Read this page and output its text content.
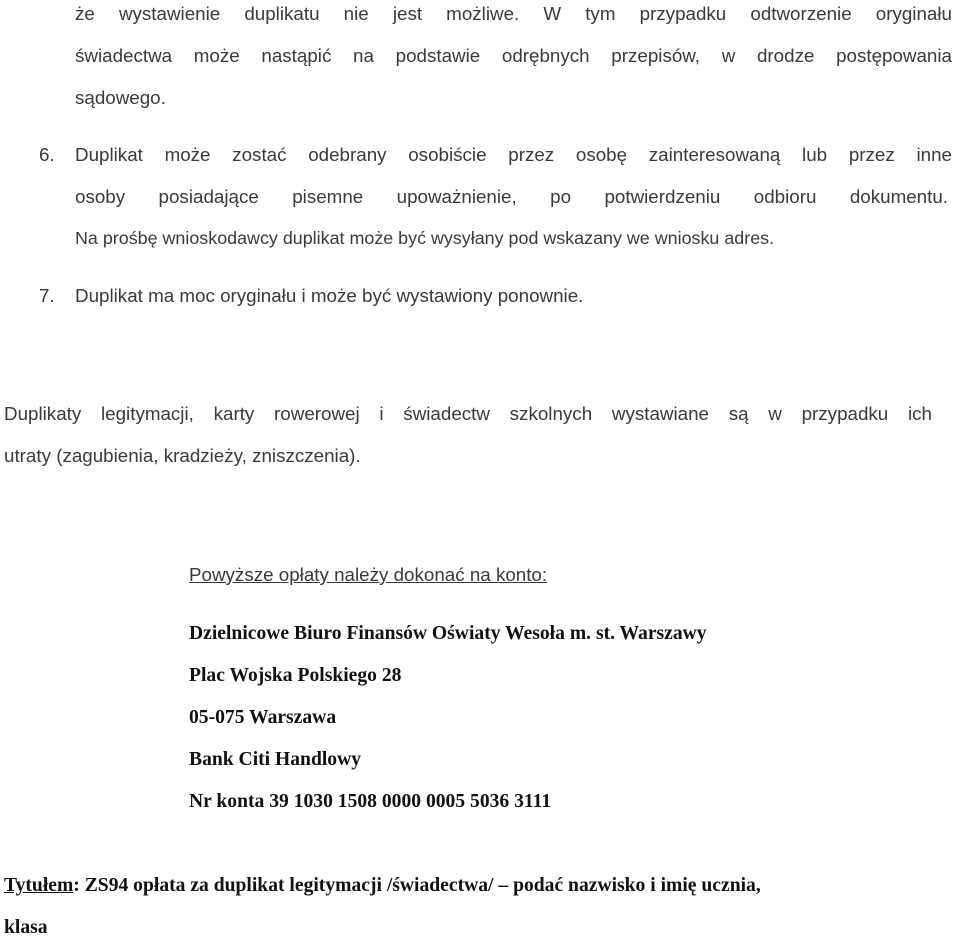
że wystawienie duplikatu nie jest możliwe. W tym przypadku odtworzenie oryginału
świadectwa może nastąpić na podstawie odrębnych przepisów, w drodze postępowania
sądowego.
6. Duplikat może zostać odebrany osobiście przez osobę zainteresowaną lub przez inne
osoby posiadające pisemne upoważnienie, po potwierdzeniu odbioru dokumentu.
Na prośbę wnioskodawcy duplikat może być wysyłany pod wskazany we wniosku adres.
7. Duplikat ma moc oryginału i może być wystawiony ponownie.
Duplikaty legitymacji, karty rowerowej i świadectw szkolnych wystawiane są w przypadku ich
utraty (zagubienia, kradzieży, zniszczenia).
Powyższe opłaty należy dokonać na konto:
Dzielnicowe Biuro Finansów Oświaty Wesoła m. st. Warszawy
Plac Wojska Polskiego 28
05-075 Warszawa
Bank Citi Handlowy
Nr konta 39 1030 1508 0000 0005 5036 3111
Tytułem: ZS94 opłata za duplikat legitymacji /świadectwa/ – podać nazwisko i imię ucznia,
klasa
